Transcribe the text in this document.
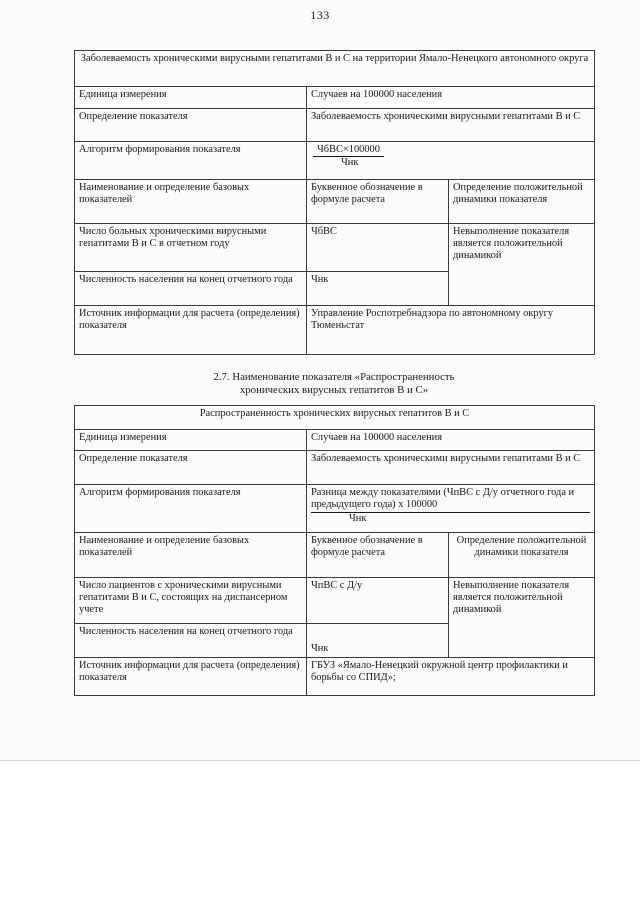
133
Заболеваемость хроническими вирусными гепатитами В и С на территории Ямало-Ненецкого автономного округа		
Единица измерения	Случаев на 100000 населения	
Определение показателя	Заболеваемость хроническими вирусными гепатитами В и С	
Алгоритм формирования показателя	$\frac{\text{ЧбВС×100000}}{\text{Чнк}}$

Наименование и определение базовых показателей	Буквенное обозначение в формуле расчета	Определение положительной динамики показателя
Число больных хроническими вирусными гепатитами В и С в отчетном году	ЧбВС	Невыполнение показателя является положительной динамикой
Численность населения на конец отчетного года	Чнк	
Источник информации для расчета (определения) показателя	Управление Роспотребнадзора по автономному округу
Тюменьстат	
2.7. Наименование показателя «Распространенность
хронических вирусных гепатитов В и С»
Распространенность хронических вирусных гепатитов В и С		
Единица измерения	Случаев на 100000 населения	
Определение показателя	Заболеваемость хроническими вирусными гепатитами В и С	
Алгоритм формирования показателя	Разница между показателями (ЧпВС с Д/у отчетного года и предыдущего года) х 100000
Чнк	

Наименование и определение базовых показателей	Буквенное обозначение в формуле расчета	Определение положительной динамики показателя
Число пациентов с хроническими вирусными гепатитами В и С, состоящих на диспансерном учете	ЧпВС с Д/у	Невыполнение показателя является положительной динамикой
Численность населения на конец отчетного года	Чнк	
Источник информации для расчета (определения) показателя	ГБУЗ «Ямало-Ненецкий окружной центр профилактики и борьбы со СПИД»;	
